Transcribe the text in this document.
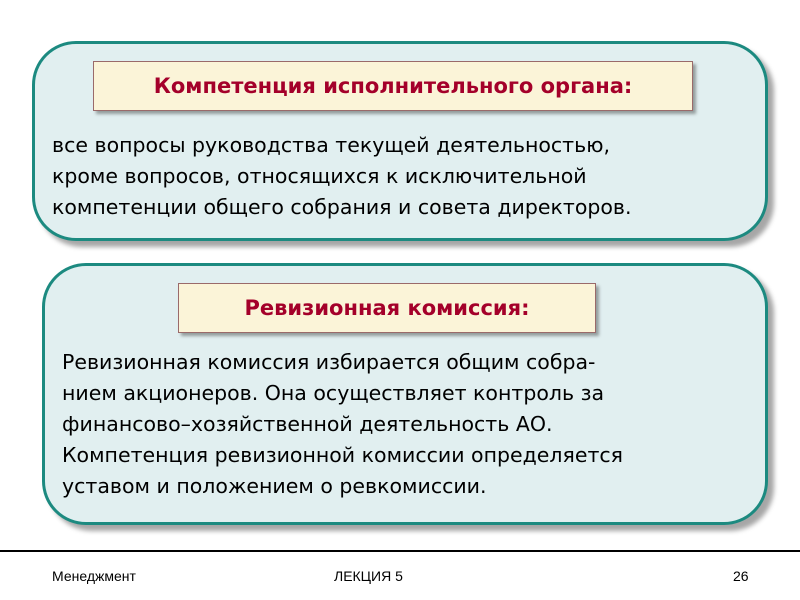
Компетенция исполнительного органа:
все вопросы руководства текущей деятельностью,
кроме вопросов, относящихся к исключительной
компетенции общего собрания и совета директоров.
Ревизионная комиссия:
Ревизионная комиссия избирается общим собра-
нием акционеров. Она осуществляет контроль за
финансово–хозяйственной деятельность АО.
Компетенция ревизионной комиссии определяется
уставом и положением о ревкомиссии.
Менеджмент	ЛЕКЦИЯ 5	26
